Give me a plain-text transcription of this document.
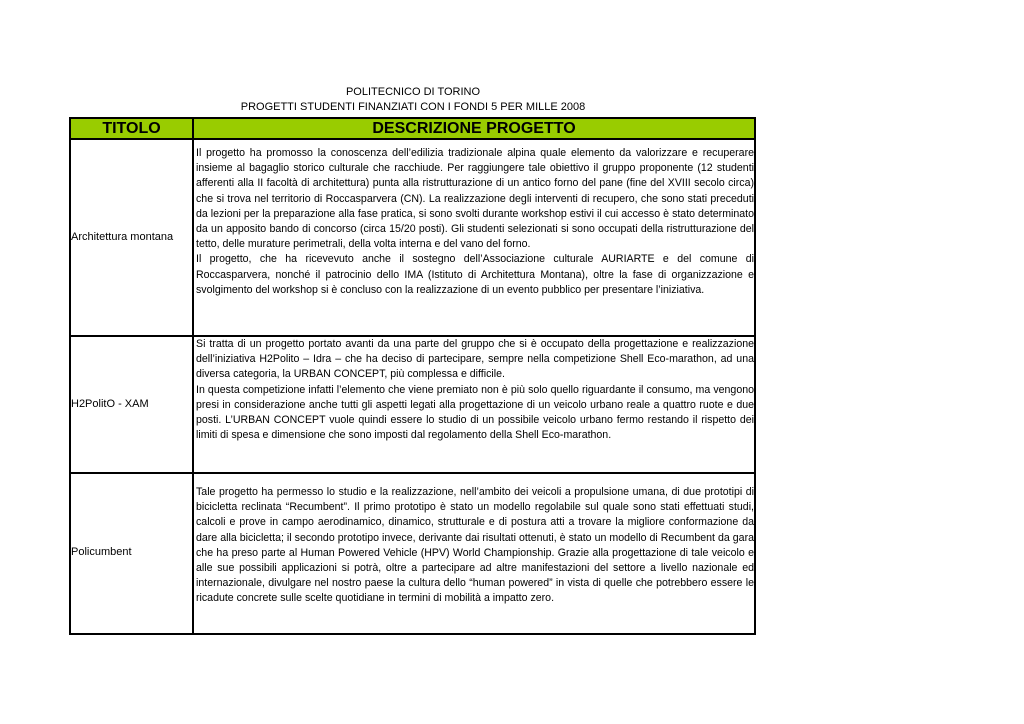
POLITECNICO DI TORINO
PROGETTI STUDENTI FINANZIATI CON I FONDI 5 PER MILLE 2008
TITOLO	DESCRIZIONE PROGETTO
Architettura montana

Il progetto ha promosso la conoscenza dell’edilizia tradizionale alpina quale elemento da valorizzare e recuperare insieme al bagaglio storico culturale che racchiude. Per raggiungere tale obiettivo il gruppo proponente (12 studenti afferenti alla II facoltà di architettura) punta alla ristrutturazione di un antico forno del pane (fine del XVIII secolo circa) che si trova nel territorio di Roccasparvera (CN). La realizzazione degli interventi di recupero, che sono stati preceduti da lezioni per la preparazione alla fase pratica, si sono svolti durante workshop estivi il cui accesso è stato determinato da un apposito bando di concorso (circa 15/20 posti). Gli studenti selezionati si sono occupati della ristrutturazione del tetto, delle murature perimetrali, della volta interna e del vano del forno.

Il progetto, che ha ricevevuto anche il sostegno dell’Associazione culturale AURIARTE e del comune di Roccasparvera, nonché il patrocinio dello IMA (Istituto di Architettura Montana), oltre la fase di organizzazione e svolgimento del workshop si è concluso con la realizzazione di un evento pubblico per presentare l’iniziativa.

H2PolitO - XAM

Si tratta di un progetto portato avanti da una parte del gruppo che si è occupato della progettazione e realizzazione dell’iniziativa H2Polito – Idra – che ha deciso di partecipare, sempre nella competizione Shell Eco-marathon, ad una diversa categoria, la URBAN CONCEPT, più complessa e difficile.

In questa competizione infatti l’elemento che viene premiato non è più solo quello riguardante il consumo, ma vengono presi in considerazione anche tutti gli aspetti legati alla progettazione di un veicolo urbano reale a quattro ruote e due posti. L’URBAN CONCEPT vuole quindi essere lo studio di un possibile veicolo urbano fermo restando il rispetto dei limiti di spesa e dimensione che sono imposti dal regolamento della Shell Eco-marathon.

Policumbent

Tale progetto ha permesso lo studio e la realizzazione, nell’ambito dei veicoli a propulsione umana, di due prototipi di bicicletta reclinata “Recumbent”. Il primo prototipo è stato un modello regolabile sul quale sono stati effettuati studi, calcoli e prove in campo aerodinamico, dinamico, strutturale e di postura atti a trovare la migliore conformazione da dare alla bicicletta; il secondo prototipo invece, derivante dai risultati ottenuti, è stato un modello di Recumbent da gara che ha preso parte al Human Powered Vehicle (HPV) World Championship. Grazie alla progettazione di tale veicolo e alle sue possibili applicazioni si potrà, oltre a partecipare ad altre manifestazioni del settore a livello nazionale ed internazionale, divulgare nel nostro paese la cultura dello “human powered” in vista di quelle che potrebbero essere le ricadute concrete sulle scelte quotidiane in termini di mobilità a impatto zero.
